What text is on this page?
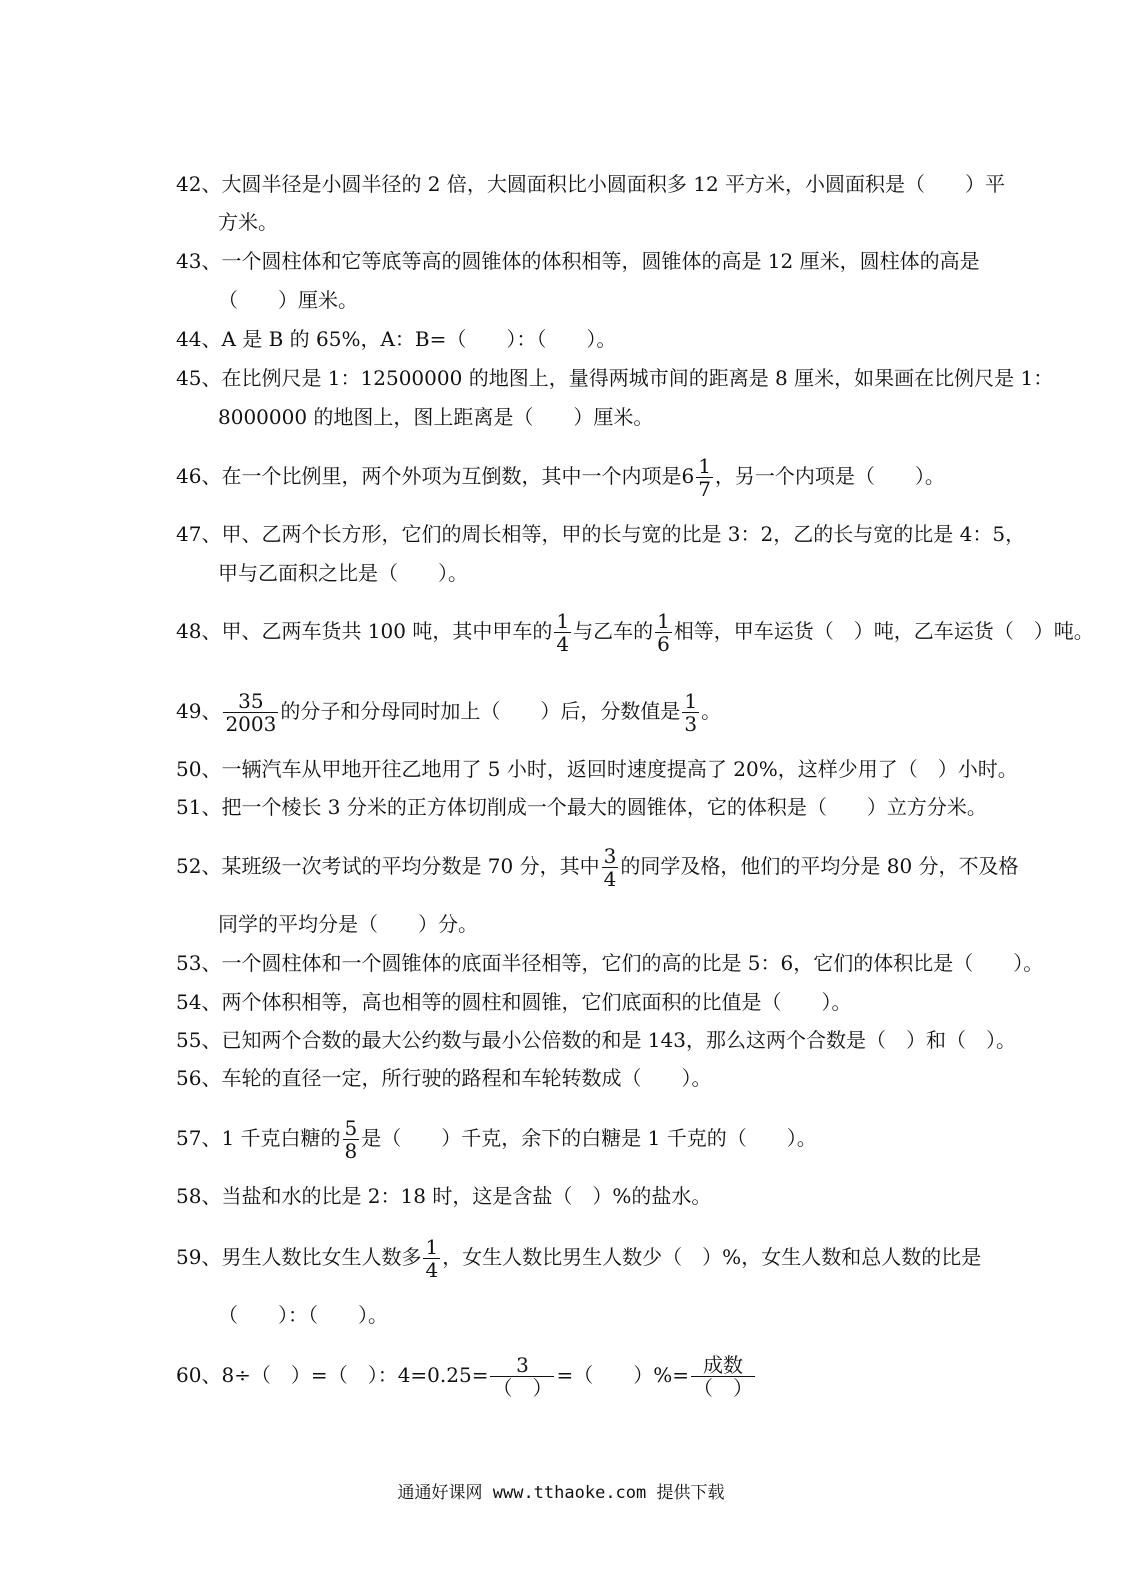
42、大圆半径是小圆半径的 2 倍，大圆面积比小圆面积多 12 平方米，小圆面积是（　　）平
方米。
43、一个圆柱体和它等底等高的圆锥体的体积相等，圆锥体的高是 12 厘米，圆柱体的高是
（　　）厘米。
44、A 是 B 的 65%，A：B=（　　）：（　　）。
45、在比例尺是 1：12500000 的地图上，量得两城市间的距离是 8 厘米，如果画在比例尺是 1：
8000000 的地图上，图上距离是（　　）厘米。
46、在一个比例里，两个外项为互倒数，其中一个内项是$6 \frac{1}{7}$ ，另一个内项是（　　）。
47、甲、乙两个长方形，它们的周长相等，甲的长与宽的比是 3：2，乙的长与宽的比是 4：5，
甲与乙面积之比是（　　）。
48、甲、乙两车货共 100 吨，其中甲车的 $\frac{1}{4}$ 与乙车的 $\frac{1}{6}$ 相等，甲车运货（　）吨，乙车运货（　）吨。
49、 $\frac{35}{2003}$ 的分子和分母同时加上（　　）后，分数值是 $\frac{1}{3}$ 。
50、一辆汽车从甲地开往乙地用了 5 小时，返回时速度提高了 20%，这样少用了（　）小时。
51、把一个棱长 3 分米的正方体切削成一个最大的圆锥体，它的体积是（　　）立方分米。
52、某班级一次考试的平均分数是 70 分，其中 $\frac{3}{4}$ 的同学及格，他们的平均分是 80 分，不及格
同学的平均分是（　　）分。
53、一个圆柱体和一个圆锥体的底面半径相等，它们的高的比是 5：6，它们的体积比是（　　）。
54、两个体积相等，高也相等的圆柱和圆锥，它们底面积的比值是（　　）。
55、已知两个合数的最大公约数与最小公倍数的和是 143，那么这两个合数是（　）和（　）。
56、车轮的直径一定，所行驶的路程和车轮转数成（　　）。
57、1 千克白糖的 $\frac{5}{8}$ 是（　　）千克，余下的白糖是 1 千克的（　　）。
58、当盐和水的比是 2：18 时，这是含盐（　）%的盐水。
59、男生人数比女生人数多 $\frac{1}{4}$ ，女生人数比男生人数少（　）%，女生人数和总人数的比是
（　　）：（　　）。
60、8÷（　）=（　）：$4=0.25= \frac{3}{( )}$ =（　　）%= $\frac{\text{成数}}{( )}$
通通好课网 www.tthaoke.com 提供下载
